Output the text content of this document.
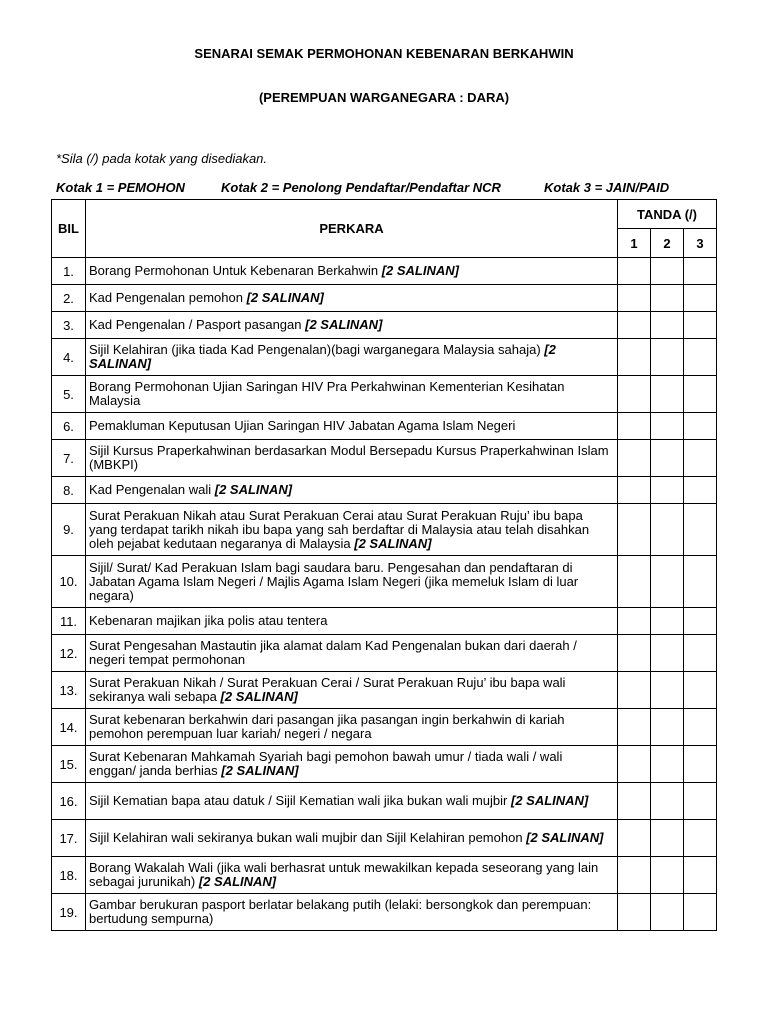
SENARAI SEMAK PERMOHONAN KEBENARAN BERKAHWIN
(PEREMPUAN WARGANEGARA : DARA)
*Sila (/) pada kotak yang disediakan.
Kotak 1 = PEMOHON	Kotak 2 = Penolong Pendaftar/Pendaftar NCR	Kotak 3 = JAIN/PAID
BIL	PERKARA	TANDA (/)		
		1	2	3
1.	Borang Permohonan Untuk Kebenaran Berkahwin [2 SALINAN]			
2.	Kad Pengenalan pemohon [2 SALINAN]			
3.	Kad Pengenalan / Pasport pasangan [2 SALINAN]			
4.	Sijil Kelahiran (jika tiada Kad Pengenalan)(bagi warganegara Malaysia sahaja) [2 SALINAN]			
5.	Borang Permohonan Ujian Saringan HIV Pra Perkahwinan Kementerian Kesihatan Malaysia			
6.	Pemakluman Keputusan Ujian Saringan HIV Jabatan Agama Islam Negeri			
7.	Sijil Kursus Praperkahwinan berdasarkan Modul Bersepadu Kursus Praperkahwinan Islam (MBKPI)			
8.	Kad Pengenalan wali [2 SALINAN]			
9.	Surat Perakuan Nikah atau Surat Perakuan Cerai atau Surat Perakuan Ruju’ ibu bapa yang terdapat tarikh nikah ibu bapa yang sah berdaftar di Malaysia atau telah disahkan oleh pejabat kedutaan negaranya di Malaysia [2 SALINAN]			
10.	Sijil/ Surat/ Kad Perakuan Islam bagi saudara baru. Pengesahan dan pendaftaran di Jabatan Agama Islam Negeri / Majlis Agama Islam Negeri (jika memeluk Islam di luar negara)			
11.	Kebenaran majikan jika polis atau tentera			
12.	Surat Pengesahan Mastautin jika alamat dalam Kad Pengenalan bukan dari daerah / negeri tempat permohonan			
13.	Surat Perakuan Nikah / Surat Perakuan Cerai / Surat Perakuan Ruju’ ibu bapa wali sekiranya wali sebapa [2 SALINAN]			
14.	Surat kebenaran berkahwin dari pasangan jika pasangan ingin berkahwin di kariah pemohon perempuan luar kariah/ negeri / negara			
15.	Surat Kebenaran Mahkamah Syariah bagi pemohon bawah umur / tiada wali / wali enggan/ janda berhias [2 SALINAN]			
16.	Sijil Kematian bapa atau datuk / Sijil Kematian wali jika bukan wali mujbir [2 SALINAN]			
17.	Sijil Kelahiran wali sekiranya bukan wali mujbir dan Sijil Kelahiran pemohon [2 SALINAN]			
18.	Borang Wakalah Wali (jika wali berhasrat untuk mewakilkan kepada seseorang yang lain sebagai jurunikah) [2 SALINAN]			
19.	Gambar berukuran pasport berlatar belakang putih (lelaki: bersongkok dan perempuan: bertudung sempurna)			
